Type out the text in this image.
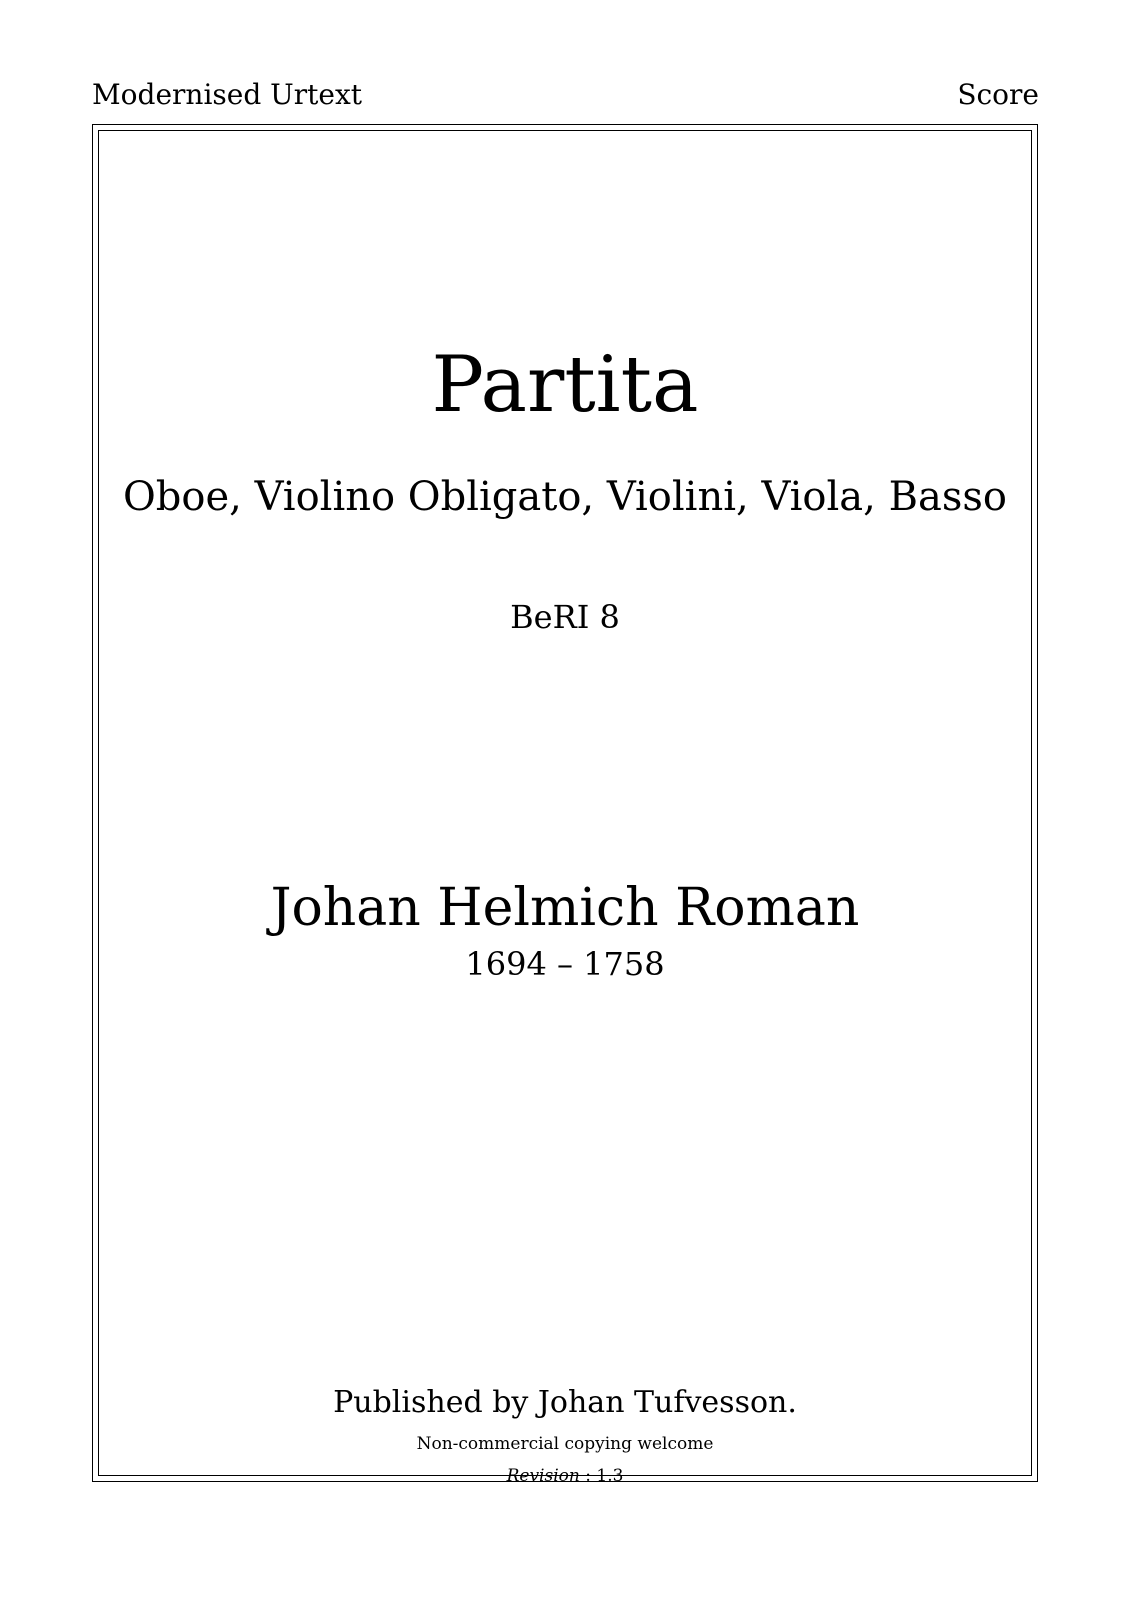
Modernised Urtext	Score
Partita
Oboe, Violino Obligato, Violini, Viola, Basso
BeRI 8
Johan Helmich Roman
1694 – 1758
Published by Johan Tufvesson.
Non-commercial copying welcome
Revision : 1.3
